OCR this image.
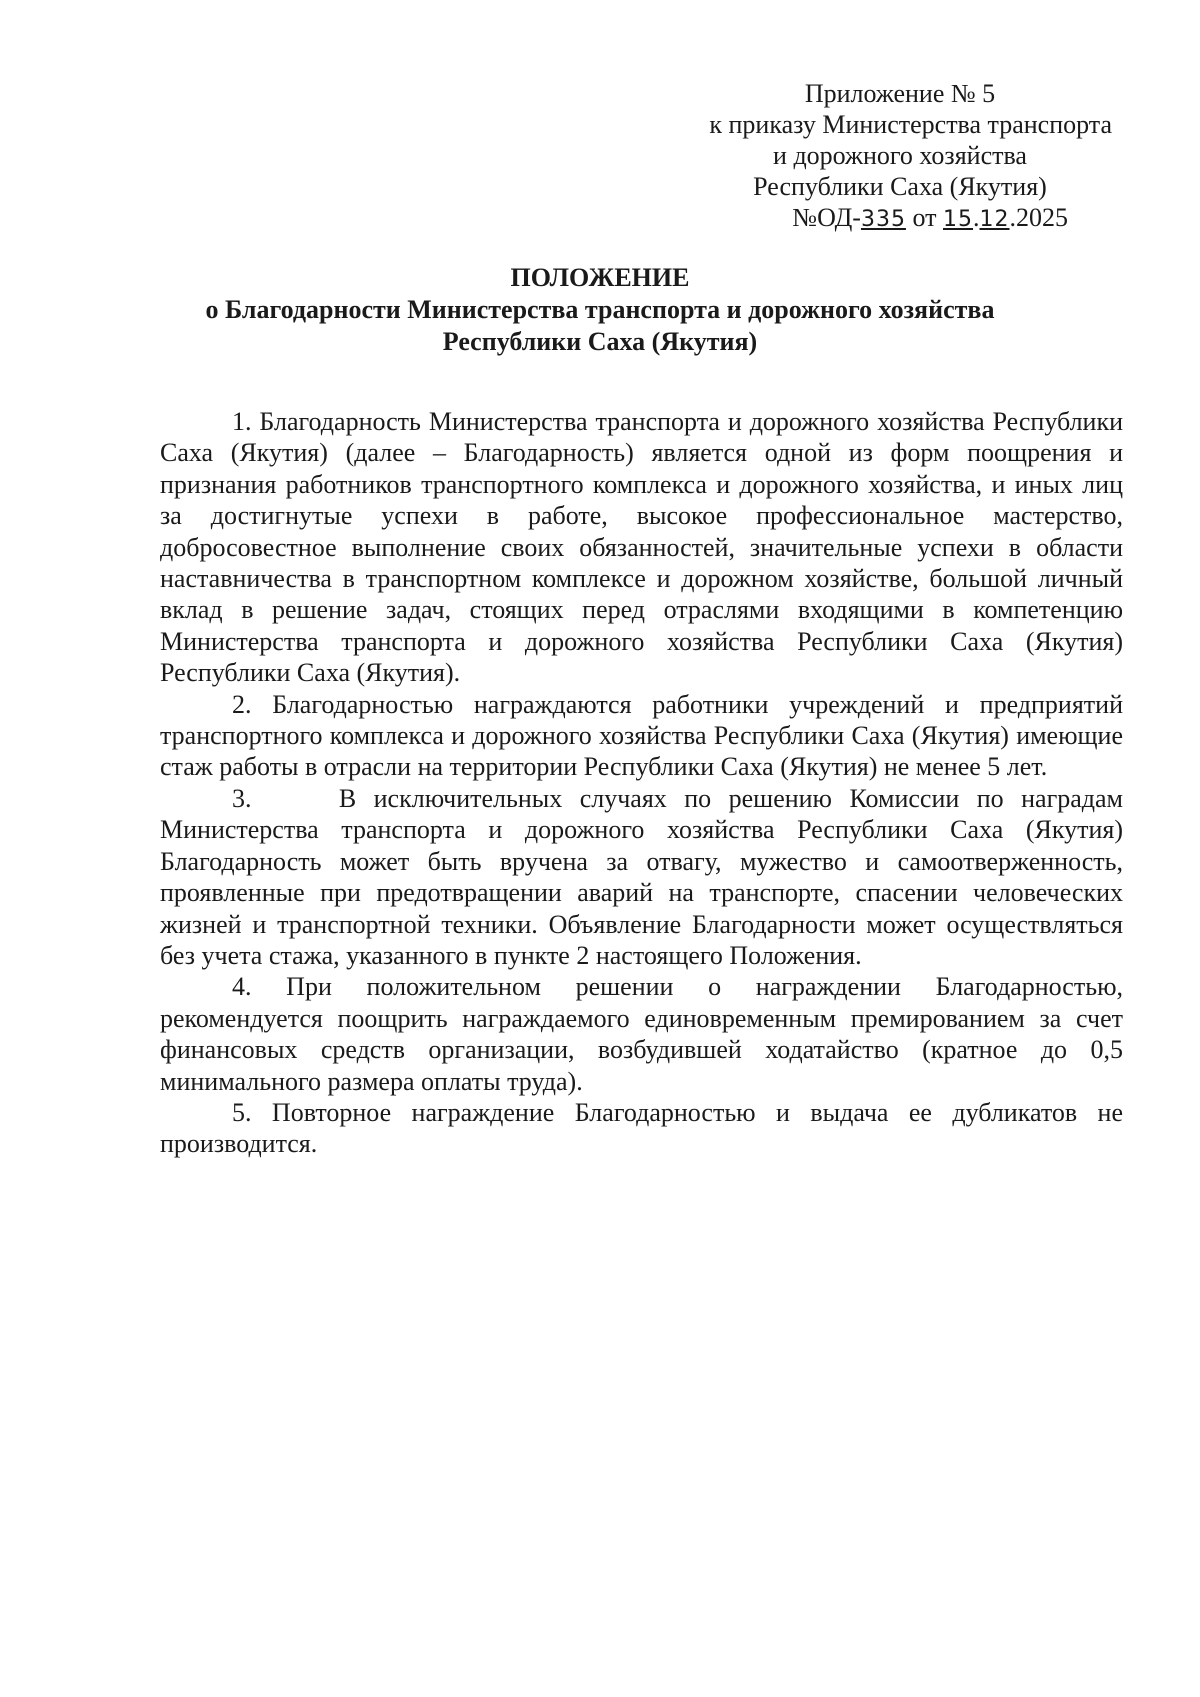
Приложение № 5
к приказу Министерства транспорта
и дорожного хозяйства
Республики Саха (Якутия)
№ОД-335 от 15.12.2025
ПОЛОЖЕНИЕ
о Благодарности Министерства транспорта и дорожного хозяйства
Республики Саха (Якутия)

1. Благодарность Министерства транспорта и дорожного хозяйства Республики Саха (Якутия) (далее – Благодарность) является одной из форм поощрения и признания работников транспортного комплекса и дорожного хозяйства, и иных лиц за достигнутые успехи в работе, высокое профессиональное мастерство, добросовестное выполнение своих обязанностей, значительные успехи в области наставничества в транспортном комплексе и дорожном хозяйстве, большой личный вклад в решение задач, стоящих перед отраслями входящими в компетенцию Министерства транспорта и дорожного хозяйства Республики Саха (Якутия) Республики Саха (Якутия).

2. Благодарностью награждаются работники учреждений и предприятий транспортного комплекса и дорожного хозяйства Республики Саха (Якутия) имеющие стаж работы в отрасли на территории Республики Саха (Якутия) не менее 5 лет.

3.     В исключительных случаях по решению Комиссии по наградам Министерства транспорта и дорожного хозяйства Республики Саха (Якутия) Благодарность может быть вручена за отвагу, мужество и самоотверженность, проявленные при предотвращении аварий на транспорте, спасении человеческих жизней и транспортной техники. Объявление Благодарности может осуществляться без учета стажа, указанного в пункте 2 настоящего Положения.

4. При положительном решении о награждении Благодарностью, рекомендуется поощрить награждаемого единовременным премированием за счет финансовых средств организации, возбудившей ходатайство (кратное до 0,5 минимального размера оплаты труда).

5. Повторное награждение Благодарностью и выдача ее дубликатов не производится.
